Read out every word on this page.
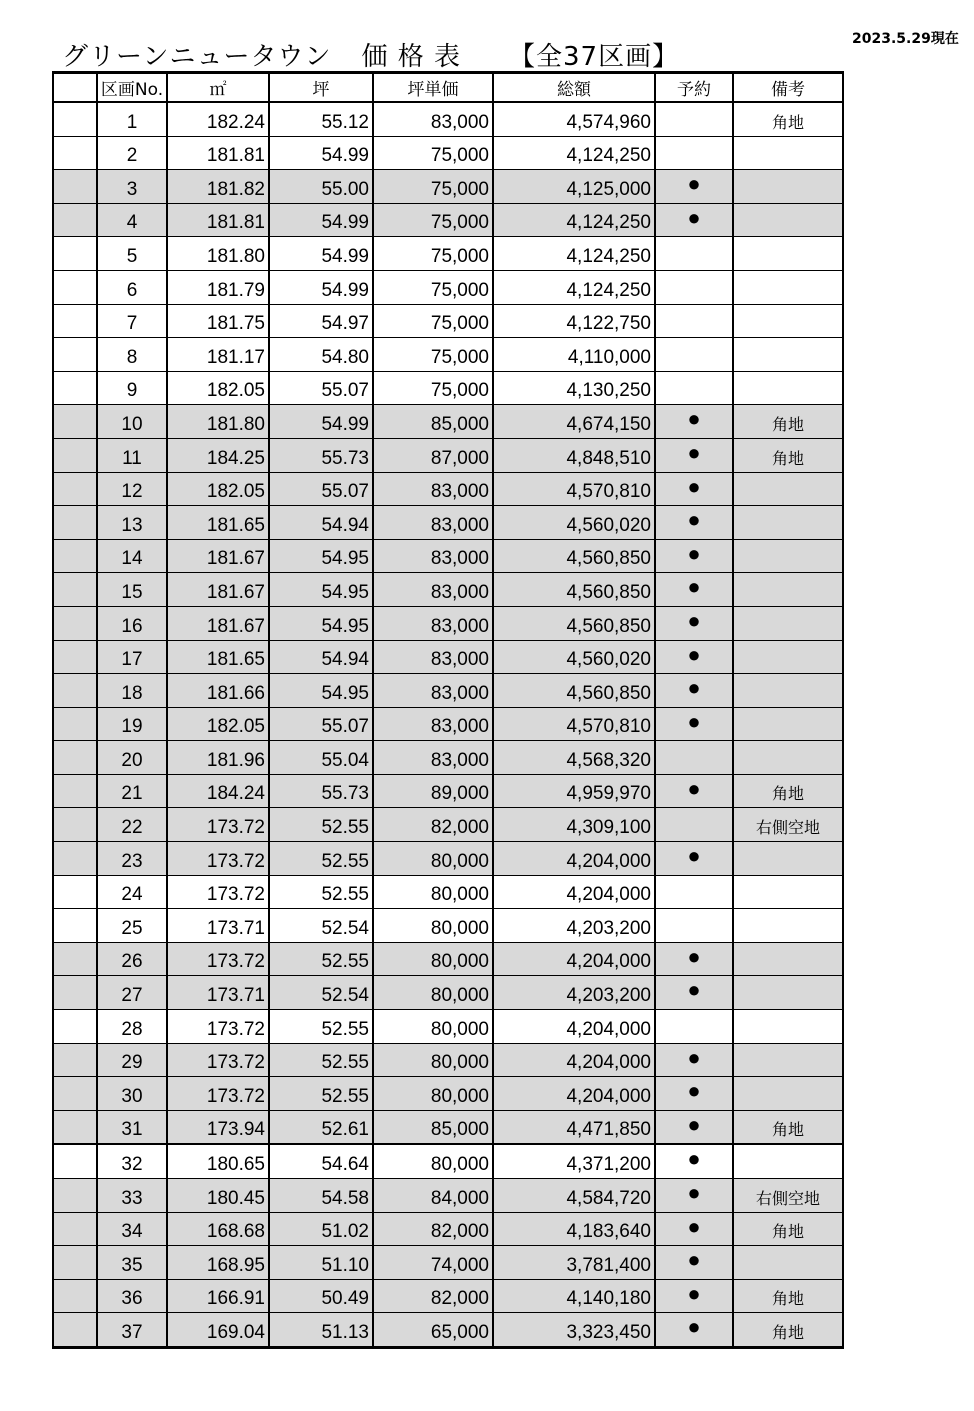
2023.5.29現在
グリーンニュータウン 価 格 表 【全37区画】
	区画No.	㎡	坪	坪単価	総額	予約	備考
	1	182.24	55.12	83,000	4,574,960		角地
	2	181.81	54.99	75,000	4,124,250		
	3	181.82	55.00	75,000	4,125,000	●	
	4	181.81	54.99	75,000	4,124,250	●	
	5	181.80	54.99	75,000	4,124,250		
	6	181.79	54.99	75,000	4,124,250		
	7	181.75	54.97	75,000	4,122,750		
	8	181.17	54.80	75,000	4,110,000		
	9	182.05	55.07	75,000	4,130,250		
	10	181.80	54.99	85,000	4,674,150	●	角地
	11	184.25	55.73	87,000	4,848,510	●	角地
	12	182.05	55.07	83,000	4,570,810	●	
	13	181.65	54.94	83,000	4,560,020	●	
	14	181.67	54.95	83,000	4,560,850	●	
	15	181.67	54.95	83,000	4,560,850	●	
	16	181.67	54.95	83,000	4,560,850	●	
	17	181.65	54.94	83,000	4,560,020	●	
	18	181.66	54.95	83,000	4,560,850	●	
	19	182.05	55.07	83,000	4,570,810	●	
	20	181.96	55.04	83,000	4,568,320		
	21	184.24	55.73	89,000	4,959,970	●	角地
	22	173.72	52.55	82,000	4,309,100		右側空地
	23	173.72	52.55	80,000	4,204,000	●	
	24	173.72	52.55	80,000	4,204,000		
	25	173.71	52.54	80,000	4,203,200		
	26	173.72	52.55	80,000	4,204,000	●	
	27	173.71	52.54	80,000	4,203,200	●	
	28	173.72	52.55	80,000	4,204,000		
	29	173.72	52.55	80,000	4,204,000	●	
	30	173.72	52.55	80,000	4,204,000	●	
	31	173.94	52.61	85,000	4,471,850	●	角地
	32	180.65	54.64	80,000	4,371,200	●	
	33	180.45	54.58	84,000	4,584,720	●	右側空地
	34	168.68	51.02	82,000	4,183,640	●	角地
	35	168.95	51.10	74,000	3,781,400	●	
	36	166.91	50.49	82,000	4,140,180	●	角地
	37	169.04	51.13	65,000	3,323,450	●	角地
